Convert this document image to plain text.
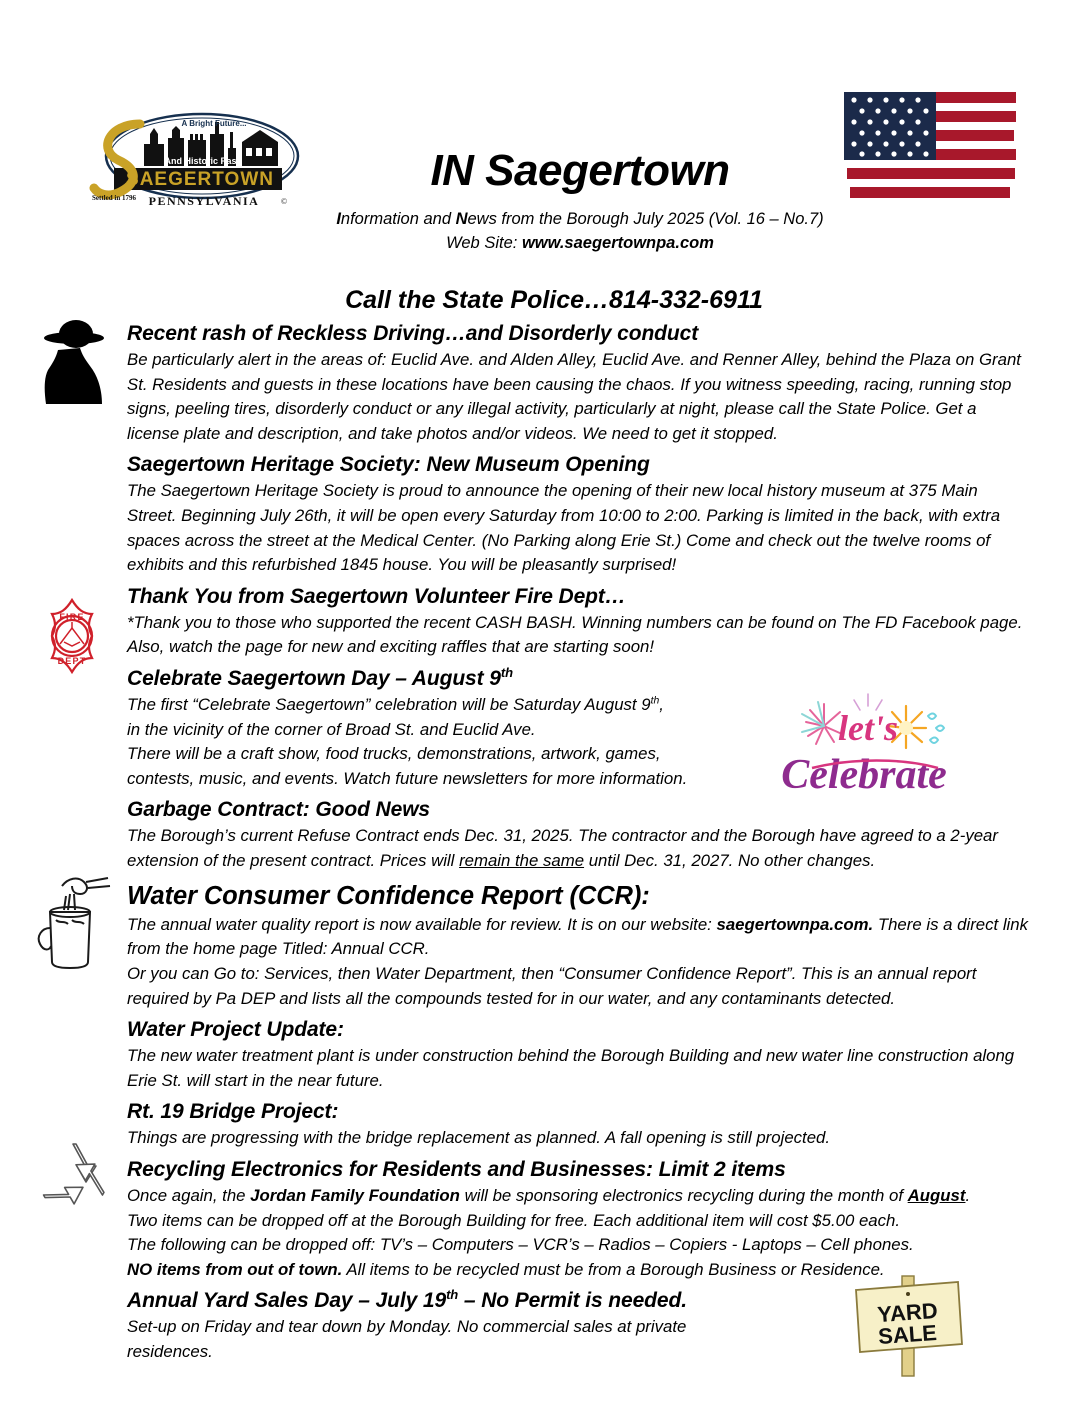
A Bright Future...
And Historic Past
SAEGERTOWN
PENNSYLVANIA
Settled in 1796	©
IN Saegertown
Information and News from the Borough July 2025 (Vol. 16 – No.7)
Web Site: www.saegertownpa.com
FIRE
DEPT
let's
Celebrate
YARD
SALE
Call the State Police…814-332-6911
Recent rash of Reckless Driving…and Disorderly conduct
Be particularly alert in the areas of: Euclid Ave. and Alden Alley, Euclid Ave. and Renner Alley, behind the Plaza on Grant St. Residents and guests in these locations have been causing the chaos. If you witness speeding, racing, running stop signs, peeling tires, disorderly conduct or any illegal activity, particularly at night, please call the State Police. Get a license plate and description, and take photos and/or videos. We need to get it stopped.
Saegertown Heritage Society: New Museum Opening
The Saegertown Heritage Society is proud to announce the opening of their new local history museum at 375 Main Street. Beginning July 26th, it will be open every Saturday from 10:00 to 2:00. Parking is limited in the back, with extra spaces across the street at the Medical Center. (No Parking along Erie St.) Come and check out the twelve rooms of exhibits and this refurbished 1845 house. You will be pleasantly surprised!
Thank You from Saegertown Volunteer Fire Dept…
*Thank you to those who supported the recent CASH BASH. Winning numbers can be found on The FD Facebook page. Also, watch the page for new and exciting raffles that are starting soon!
Celebrate Saegertown Day – August 9th
The first “Celebrate Saegertown” celebration will be Saturday August 9th,
in the vicinity of the corner of Broad St. and Euclid Ave.
There will be a craft show, food trucks, demonstrations, artwork, games,
contests, music, and events. Watch future newsletters for more information.
Garbage Contract: Good News
The Borough’s current Refuse Contract ends Dec. 31, 2025. The contractor and the Borough have agreed to a 2-year extension of the present contract. Prices will remain the same until Dec. 31, 2027. No other changes.
Water Consumer Confidence Report (CCR):
The annual water quality report is now available for review. It is on our website: saegertownpa.com. There is a direct link from the home page Titled: Annual CCR.
Or you can Go to: Services, then Water Department, then “Consumer Confidence Report”. This is an annual report required by Pa DEP and lists all the compounds tested for in our water, and any contaminants detected.
Water Project Update:
The new water treatment plant is under construction behind the Borough Building and new water line construction along Erie St. will start in the near future.
Rt. 19 Bridge Project:
Things are progressing with the bridge replacement as planned. A fall opening is still projected.
Recycling Electronics for Residents and Businesses: Limit 2 items
Once again, the Jordan Family Foundation will be sponsoring electronics recycling during the month of August.
Two items can be dropped off at the Borough Building for free. Each additional item will cost $5.00 each.
The following can be dropped off: TV’s – Computers – VCR’s – Radios – Copiers - Laptops – Cell phones.
NO items from out of town. All items to be recycled must be from a Borough Business or Residence.
Annual Yard Sales Day – July 19th – No Permit is needed.
Set-up on Friday and tear down by Monday. No commercial sales at private residences.
